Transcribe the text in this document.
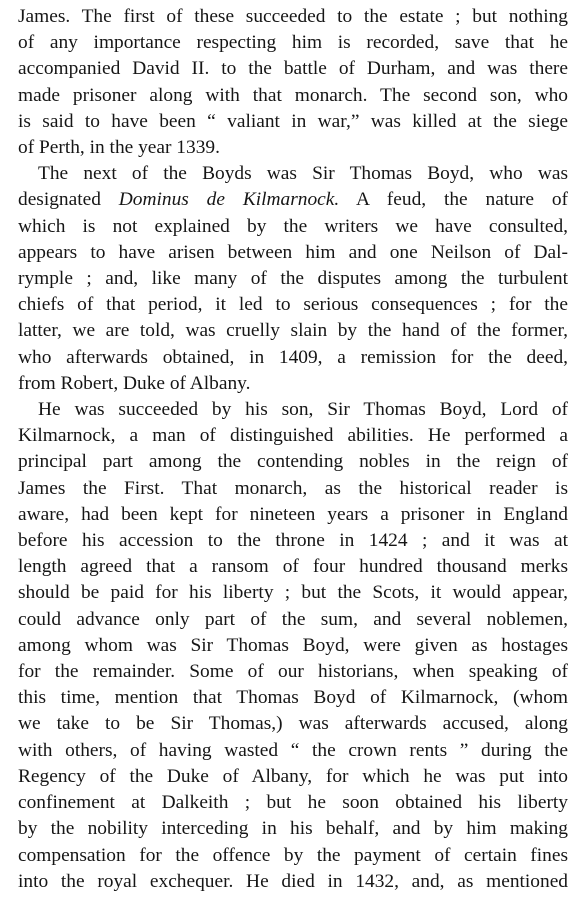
James. The first of these succeeded to the estate ; but nothing
of any importance respecting him is recorded, save that he
accompanied David II. to the battle of Durham, and was there
made prisoner along with that monarch. The second son, who
is said to have been “ valiant in war,” was killed at the siege
of Perth, in the year 1339.

The next of the Boyds was Sir Thomas Boyd, who was
designated Dominus de Kilmarnock. A feud, the nature of
which is not explained by the writers we have consulted,
appears to have arisen between him and one Neilson of Dal-
rymple ; and, like many of the disputes among the turbulent
chiefs of that period, it led to serious consequences ; for the
latter, we are told, was cruelly slain by the hand of the former,
who afterwards obtained, in 1409, a remission for the deed,
from Robert, Duke of Albany.

He was succeeded by his son, Sir Thomas Boyd, Lord of
Kilmarnock, a man of distinguished abilities. He performed a
principal part among the contending nobles in the reign of
James the First. That monarch, as the historical reader is
aware, had been kept for nineteen years a prisoner in England
before his accession to the throne in 1424 ; and it was at
length agreed that a ransom of four hundred thousand merks
should be paid for his liberty ; but the Scots, it would appear,
could advance only part of the sum, and several noblemen,
among whom was Sir Thomas Boyd, were given as hostages
for the remainder. Some of our historians, when speaking of
this time, mention that Thomas Boyd of Kilmarnock, (whom
we take to be Sir Thomas,) was afterwards accused, along
with others, of having wasted “ the crown rents ” during the
Regency of the Duke of Albany, for which he was put into
confinement at Dalkeith ; but he soon obtained his liberty
by the nobility interceding in his behalf, and by him making
compensation for the offence by the payment of certain fines
into the royal exchequer. He died in 1432, and, as mentioned
